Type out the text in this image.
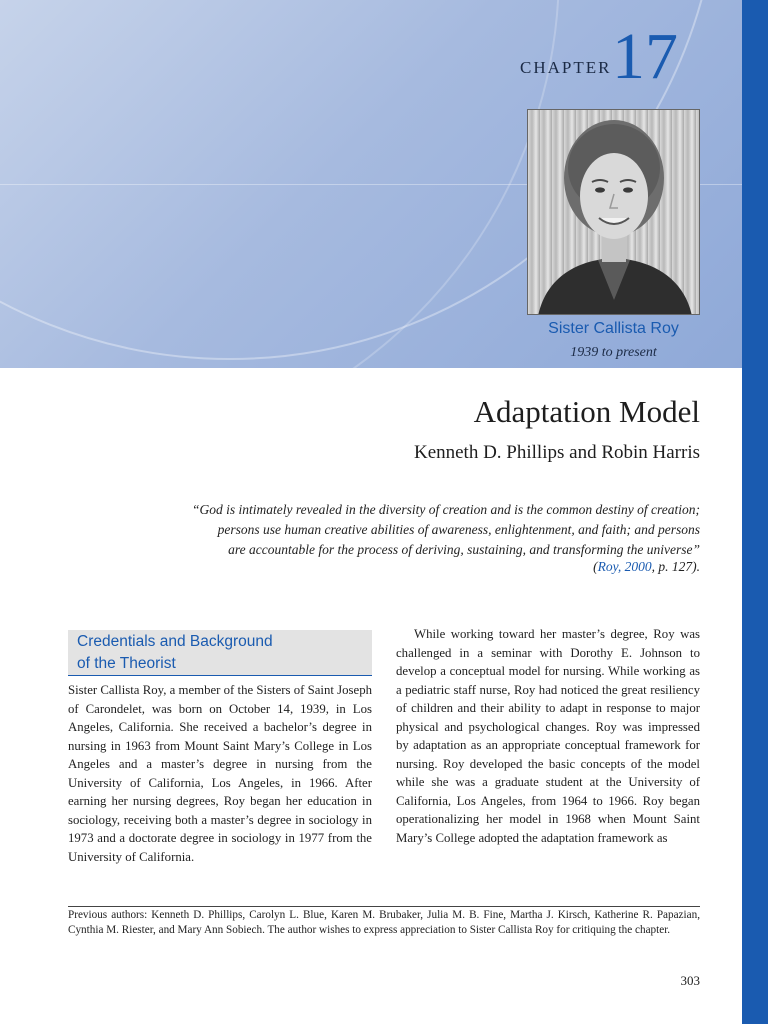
CHAPTER 17
Sister Callista Roy
1939 to present
Adaptation Model
Kenneth D. Phillips and Robin Harris
“God is intimately revealed in the diversity of creation and is the common destiny of creation;
persons use human creative abilities of awareness, enlightenment, and faith; and persons
are accountable for the process of deriving, sustaining, and transforming the universe”
(Roy, 2000, p. 127).
Credentials and Background
of the Theorist
Sister Callista Roy, a member of the Sisters of Saint Joseph of Carondelet, was born on October 14, 1939, in Los Angeles, California. She received a bachelor’s degree in nursing in 1963 from Mount Saint Mary’s College in Los Angeles and a master’s degree in nursing from the University of California, Los Angeles, in 1966. After earning her nursing degrees, Roy began her education in sociology, receiving both a master’s degree in sociology in 1973 and a doctorate degree in sociology in 1977 from the University of California.
While working toward her master’s degree, Roy was challenged in a seminar with Dorothy E. Johnson to develop a conceptual model for nursing. While working as a pediatric staff nurse, Roy had noticed the great resiliency of children and their ability to adapt in response to major physical and psychological changes. Roy was impressed by adaptation as an appropriate conceptual framework for nursing. Roy developed the basic concepts of the model while she was a graduate student at the University of California, Los Angeles, from 1964 to 1966. Roy began operationalizing her model in 1968 when Mount Saint Mary’s College adopted the adaptation framework as
Previous authors: Kenneth D. Phillips, Carolyn L. Blue, Karen M. Brubaker, Julia M. B. Fine, Martha J. Kirsch, Katherine R. Papazian, Cynthia M. Riester, and Mary Ann Sobiech. The author wishes to express appreciation to Sister Callista Roy for critiquing the chapter.
303
